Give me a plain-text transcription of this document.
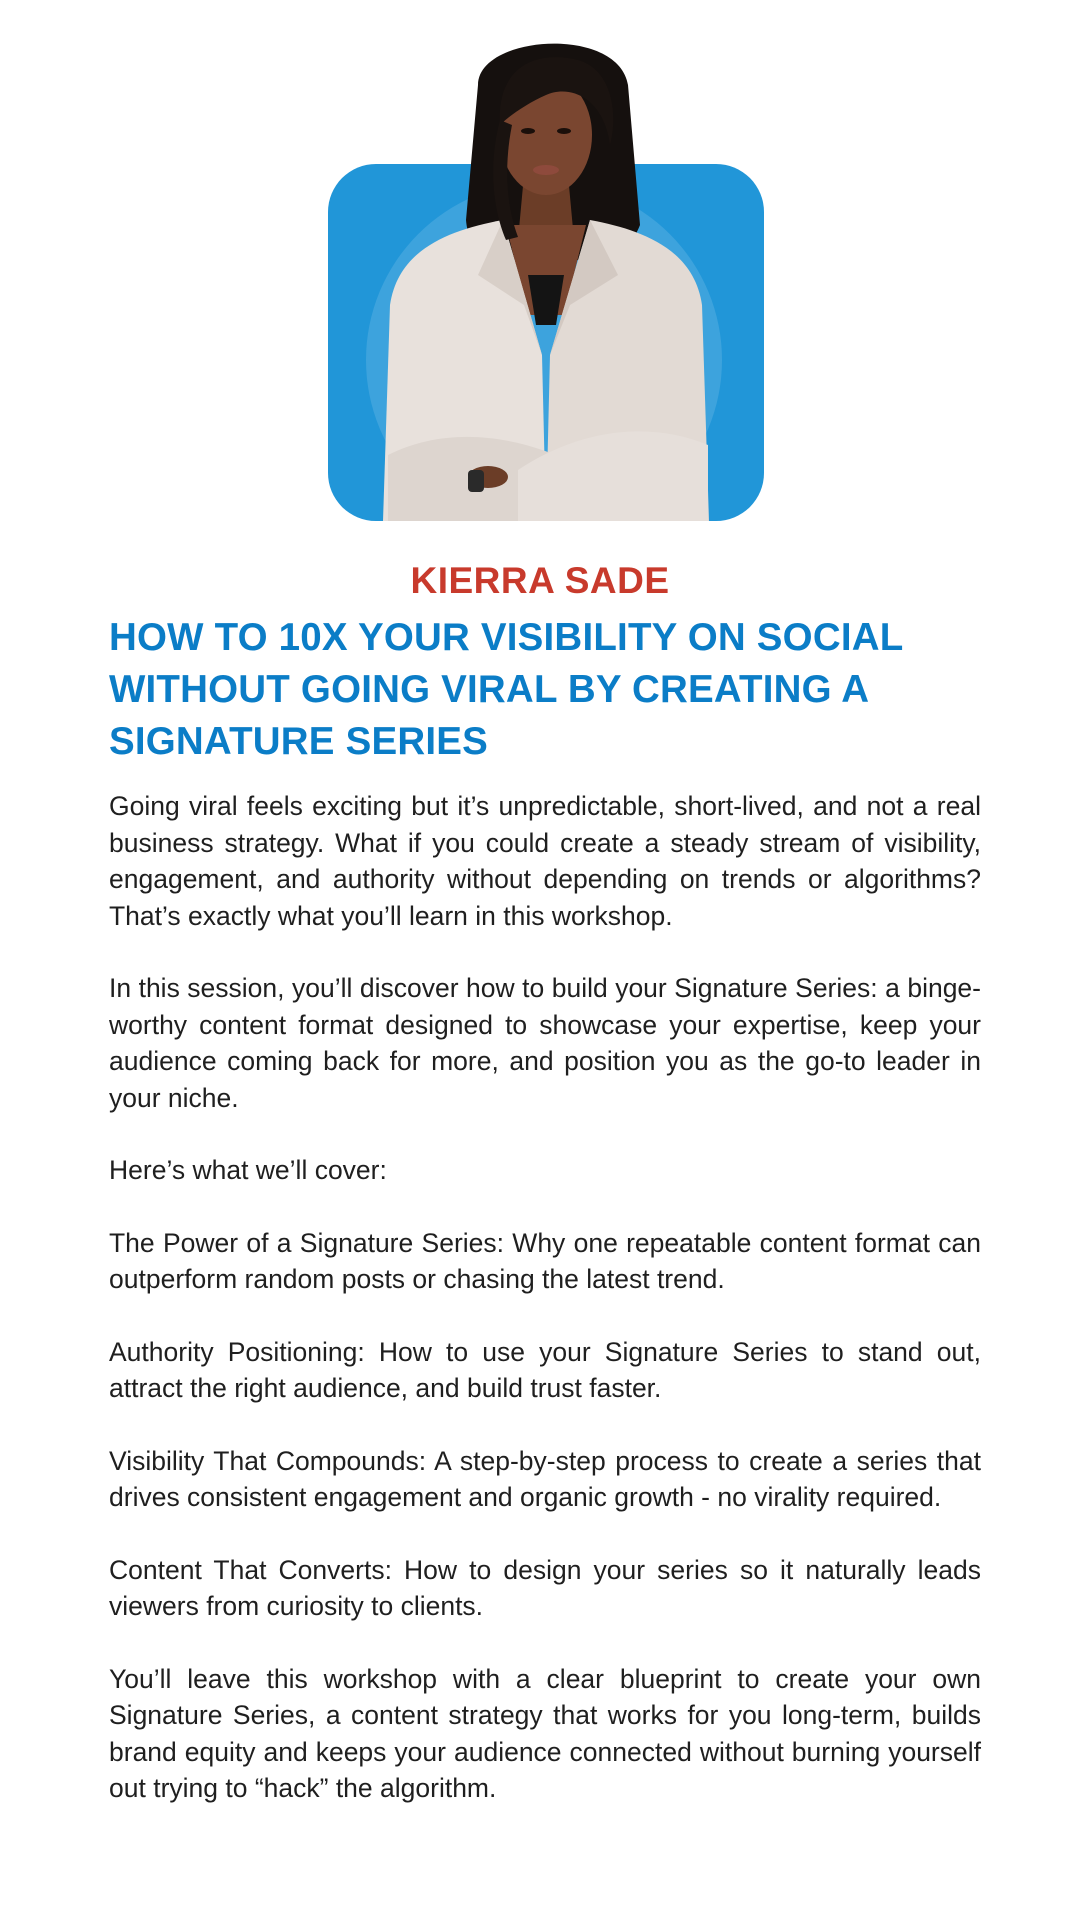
KIERRA SADE
HOW TO 10X YOUR VISIBILITY ON SOCIAL WITHOUT GOING VIRAL BY CREATING A SIGNATURE SERIES

Going viral feels exciting but it’s unpredictable, short-lived, and not a real business strategy. What if you could create a steady stream of visibility, engagement, and authority without depending on trends or algorithms? That’s exactly what you’ll learn in this workshop.

In this session, you’ll discover how to build your Signature Series: a binge-worthy content format designed to showcase your expertise, keep your audience coming back for more, and position you as the go-to leader in your niche.

Here’s what we’ll cover:

The Power of a Signature Series: Why one repeatable content format can outperform random posts or chasing the latest trend.

Authority Positioning: How to use your Signature Series to stand out, attract the right audience, and build trust faster.

Visibility That Compounds: A step-by-step process to create a series that drives consistent engagement and organic growth - no virality required.

Content That Converts: How to design your series so it naturally leads viewers from curiosity to clients.

You’ll leave this workshop with a clear blueprint to create your own Signature Series, a content strategy that works for you long-term, builds brand equity and keeps your audience connected without burning yourself out trying to “hack” the algorithm.
